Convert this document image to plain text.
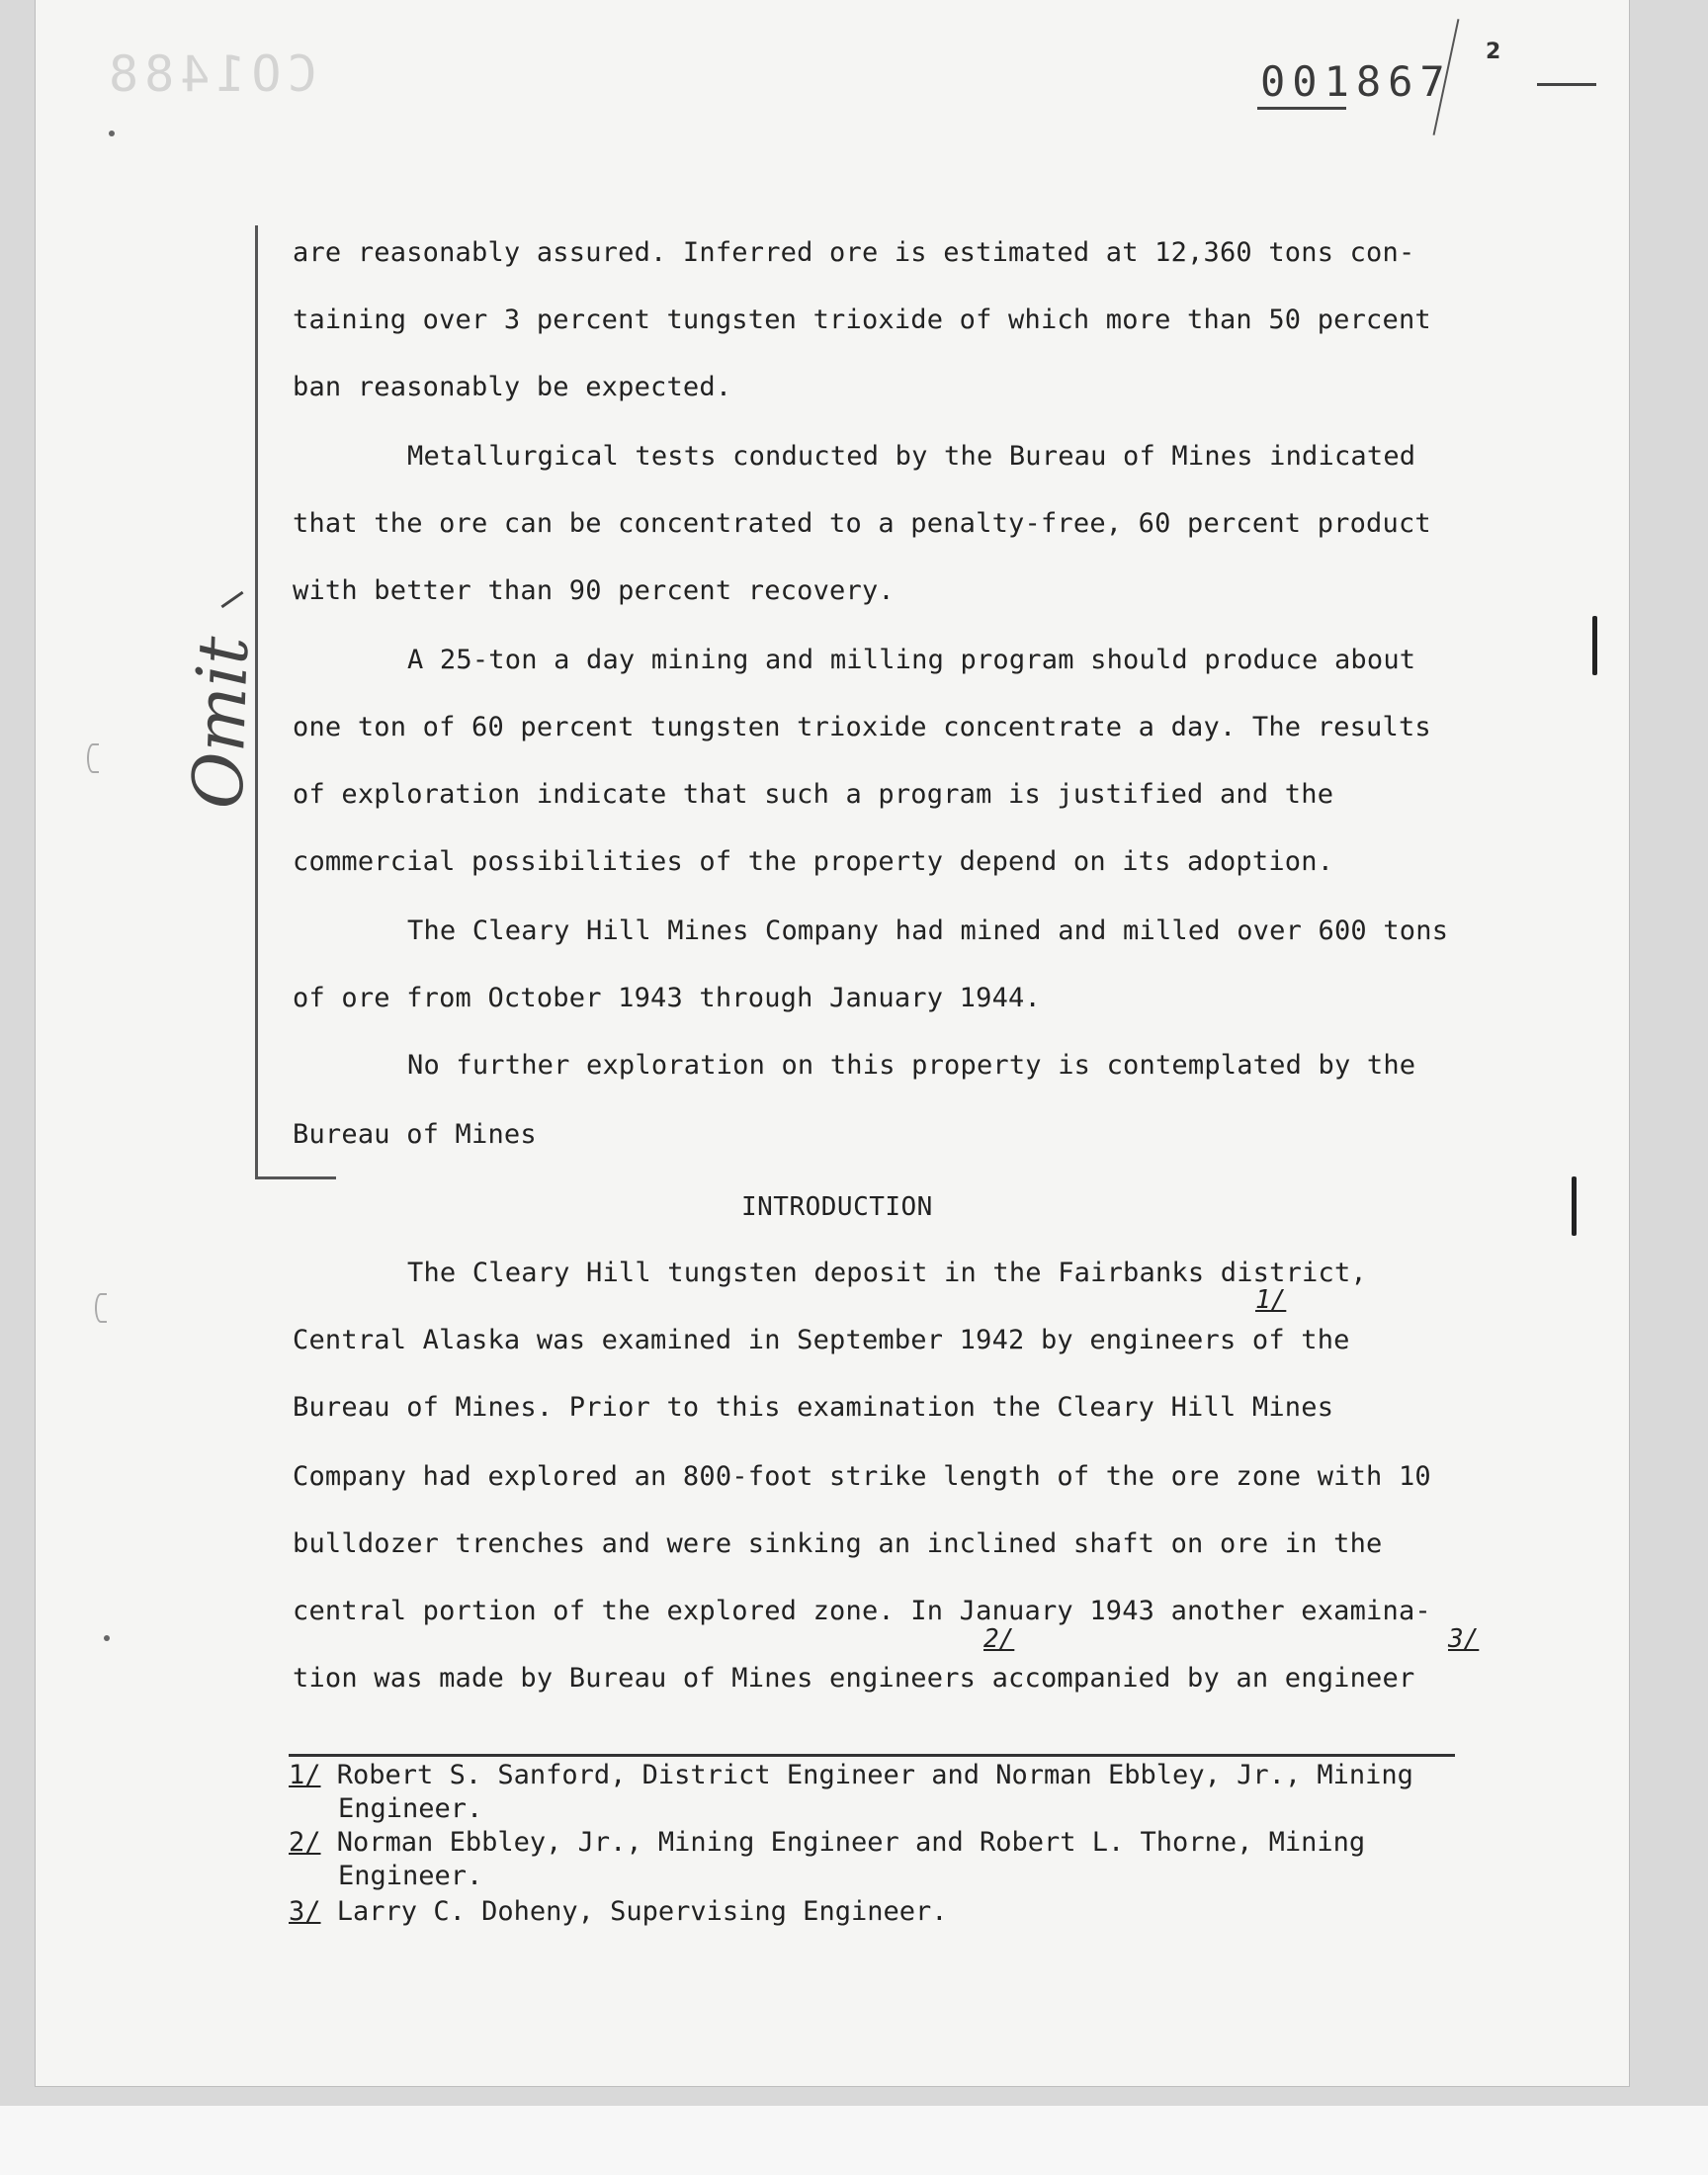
CO1488	001867
2
Omit
are reasonably assured. Inferred ore is estimated at 12,360 tons con-
taining over 3 percent tungsten trioxide of which more than 50 percent
ban reasonably be expected.
Metallurgical tests conducted by the Bureau of Mines indicated
that the ore can be concentrated to a penalty-free, 60 percent product
with better than 90 percent recovery.
A 25-ton a day mining and milling program should produce about
one ton of 60 percent tungsten trioxide concentrate a day. The results
of exploration indicate that such a program is justified and the
commercial possibilities of the property depend on its adoption.
The Cleary Hill Mines Company had mined and milled over 600 tons
of ore from October 1943 through January 1944.
No further exploration on this property is contemplated by the
Bureau of Mines
INTRODUCTION
The Cleary Hill tungsten deposit in the Fairbanks district,
Central Alaska was examined in September 1942 by engineers of the
Bureau of Mines. Prior to this examination the Cleary Hill Mines
Company had explored an 800-foot strike length of the ore zone with 10
bulldozer trenches and were sinking an inclined shaft on ore in the
central portion of the explored zone. In January 1943 another examina-
tion was made by Bureau of Mines engineers accompanied by an engineer
1/
2/	3/
1/ Robert S. Sanford, District Engineer and Norman Ebbley, Jr., Mining
Engineer.
2/ Norman Ebbley, Jr., Mining Engineer and Robert L. Thorne, Mining
Engineer.
3/ Larry C. Doheny, Supervising Engineer.
